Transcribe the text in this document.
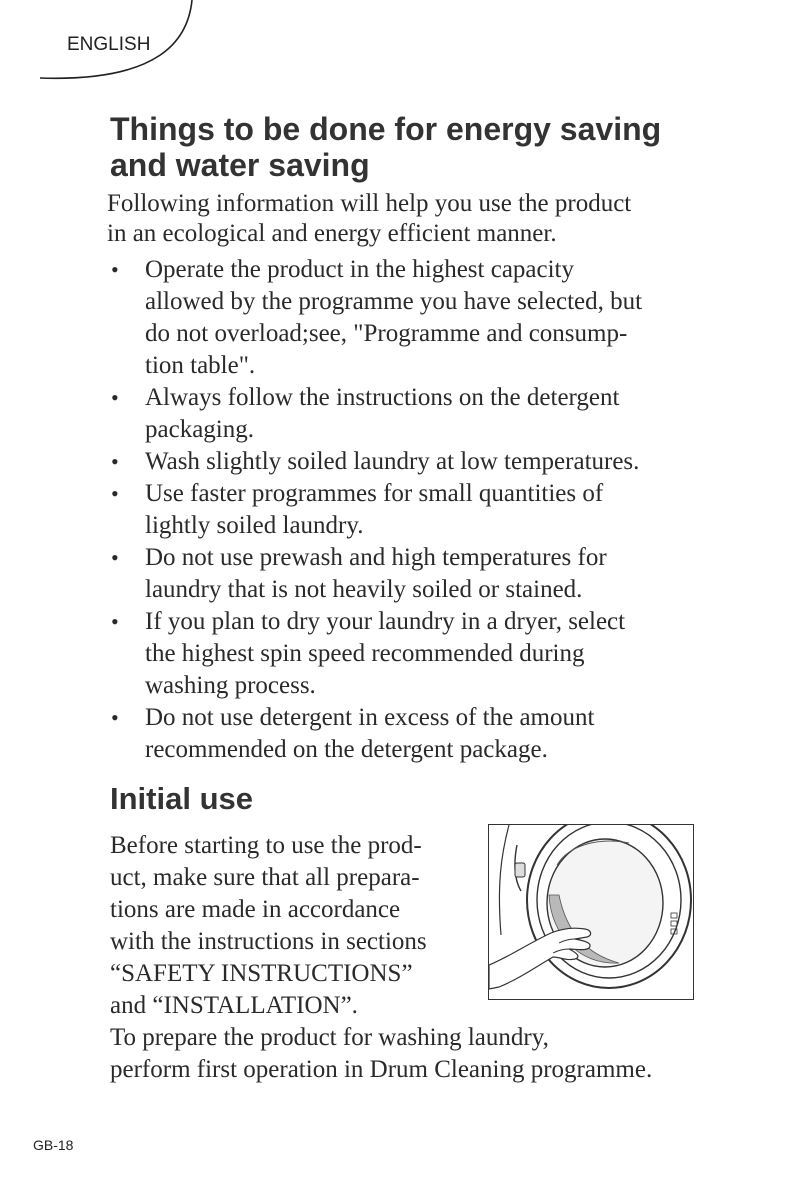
ENGLISH
Things to be done for energy saving
and water saving

Following information will help you use the product
in an ecological and energy efficient manner.

• Operate the product in the highest capacity
allowed by the programme you have selected, but
do not overload;see, "Programme and consump-
tion table".
• Always follow the instructions on the detergent
packaging.
• Wash slightly soiled laundry at low temperatures.
• Use faster programmes for small quantities of
lightly soiled laundry.
• Do not use prewash and high temperatures for
laundry that is not heavily soiled or stained.
• If you plan to dry your laundry in a dryer, select
the highest spin speed recommended during
washing process.
• Do not use detergent in excess of the amount
recommended on the detergent package.
Initial use

Before starting to use the prod-
uct, make sure that all prepara-
tions are made in accordance
with the instructions in sections
“SAFETY INSTRUCTIONS”
and “INSTALLATION”.

To prepare the product for washing laundry,
perform first operation in Drum Cleaning programme.

GB-18
